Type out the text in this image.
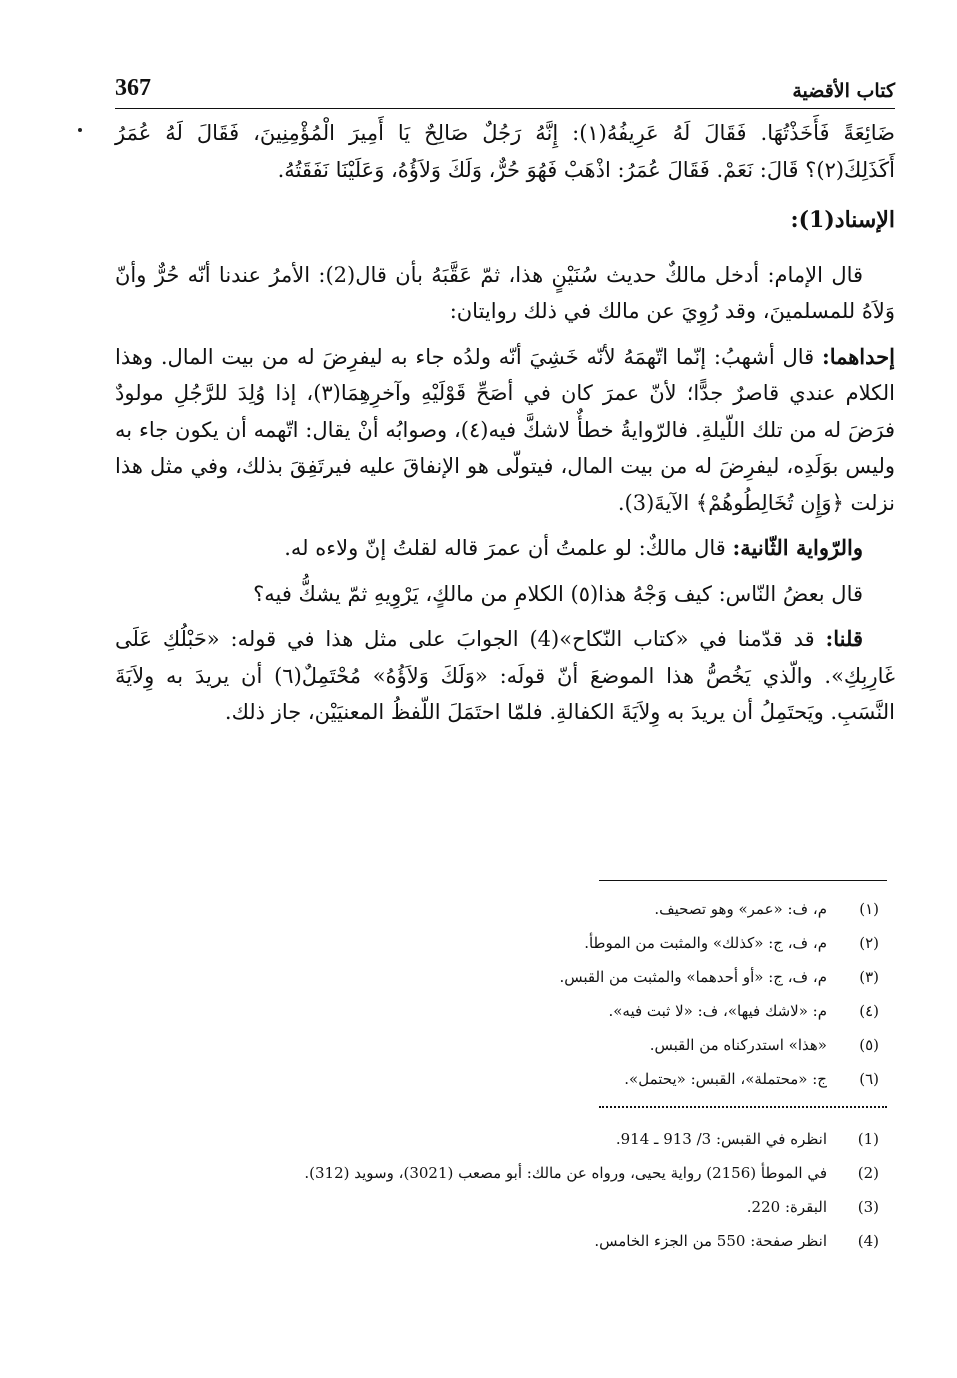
367	كتاب الأقضية

ضَائِعَةً فَأَخَذْتُهَا. فَقَالَ لَهُ عَرِيفُهُ(١): إِنَّهُ رَجُلٌ صَالِحٌ يَا أَمِيرَ الْمُؤْمِنِينَ، فَقَالَ لَهُ عُمَرُ أَكَذَلِكَ(٢)؟ قَالَ: نَعَمْ. فَقَالَ عُمَرُ: اذْهَبْ فَهُوَ حُرٌّ، وَلَكَ وَلاَؤُهُ، وَعَلَيْنَا نَفَقَتُهُ.

الإسناد(1):

قال الإمام: أدخل مالكٌ حديث سُنَيْنٍ هذا، ثمّ عَقَّبَهُ بأن قال(2): الأمرُ عندنا أنّه حُرٌّ وأنّ وَلاَهُ للمسلمينَ، وقد رُوِيَ عن مالك في ذلك روايتان:

إحداهما: قال أشهبُ: إنّما اتّهمَهُ لأنّه خَشِيَ أنّه ولدُه جاء به ليفرِضَ له من بيت المال. وهذا الكلام عندي قاصرٌ جدًّا؛ لأنّ عمرَ كان في أصَحِّ قَوْلَيْهِ وآخرِهِمَا(٣)، إذا وُلِدَ للرَّجُلِ مولودٌ فرَضَ له من تلك اللّيلةِ. فالرّوايةُ خطأٌ لاشكَّ فيه(٤)، وصوابُه أنْ يقال: اتّهمه أن يكون جاء به وليس بوَلَدِه، ليفرِضَ له من بيت المال، فيتولّى هو الإنفاقَ عليه فيرتَفِقَ بذلك، وفي مثل هذا نزلت ﴿وَإِن تُخَالِطُوهُمْ﴾ الآيةَ(3).

والرّواية الثّانية: قال مالكٌ: لو علمتُ أن عمرَ قاله لقلتُ إنّ ولاءه له.

قال بعضُ النّاس: كيف وَجْهُ هذا(٥) الكلامِ من مالكٍ، يَرْوِيهِ ثمّ يشكُّ فيه؟

قلنا: قد قدّمنا في «كتاب النّكاح»(4) الجوابَ على مثل هذا في قوله: «حَبْلُكِ عَلَى غَارِبِكِ». والّذي يَخُصُّ هذا الموضعَ أنّ قولَه: «وَلَكَ وَلاَؤُهُ» مُحْتَمِلٌ(٦) أن يريدَ به وِلاَيَةَ النَّسَبِ. ويَحتَمِلُ أن يريدَ به وِلاَيَةَ الكفالةِ. فلمّا احتَمَلَ اللّفظُ المعنيَيْن، جاز ذلك.

(١)
م، ف: «عمر» وهو تصحيف.
(٢)
م، ف، ج: «كذلك» والمثبت من الموطأ.
(٣)
م، ف، ج: «أو أحدهما» والمثبت من القبس.
(٤)
م: «لاشك فيها»، ف: «لا ثبت فيه».
(٥)
«هذا» استدركناه من القبس.
(٦)
ج: «محتملة»، القبس: «يحتمل».
(1)
انظره في القبس: 3/ 913 ـ 914.
(2)
في الموطأ (2156) رواية يحيى، ورواه عن مالك: أبو مصعب (3021)، وسويد (312).
(3)
البقرة: 220.
(4)
انظر صفحة: 550 من الجزء الخامس.
